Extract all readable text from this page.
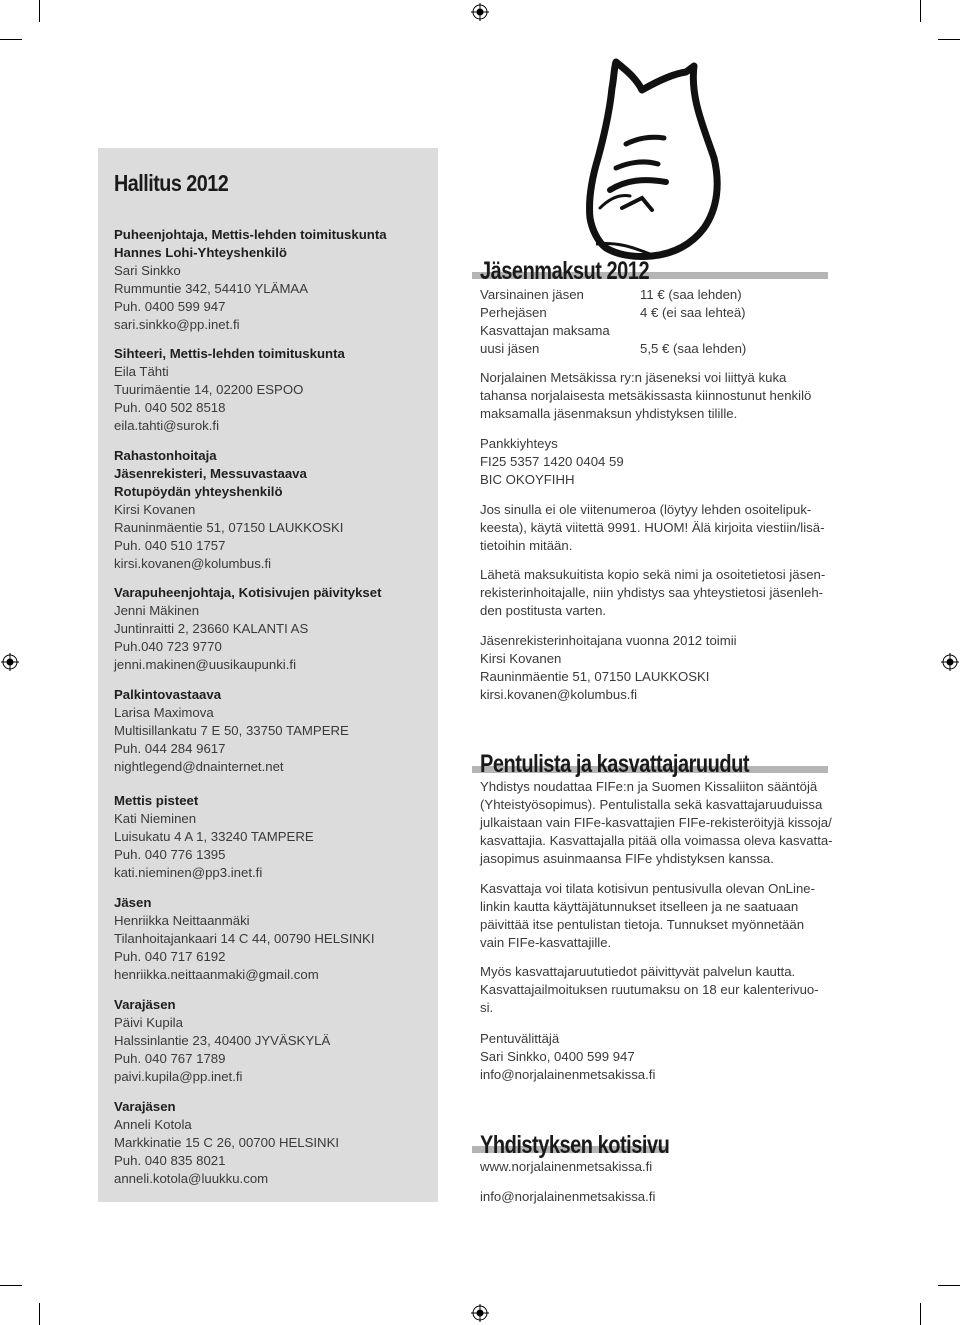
Hallitus 2012
Puheenjohtaja, Mettis-lehden toimituskunta
Hannes Lohi-Yhteyshenkilö
Sari Sinkko
Rummuntie 342, 54410 YLÄMAA
Puh. 0400 599 947
sari.sinkko@pp.inet.fi
Sihteeri, Mettis-lehden toimituskunta
Eila Tähti
Tuurimäentie 14, 02200 ESPOO
Puh. 040 502 8518
eila.tahti@surok.fi
Rahastonhoitaja
Jäsenrekisteri, Messuvastaava
Rotupöydän yhteyshenkilö
Kirsi Kovanen
Rauninmäentie 51, 07150 LAUKKOSKI
Puh. 040 510 1757
kirsi.kovanen@kolumbus.fi
Varapuheenjohtaja, Kotisivujen päivitykset
Jenni Mäkinen
Juntinraitti 2, 23660 KALANTI AS
Puh.040 723 9770
jenni.makinen@uusikaupunki.fi
Palkintovastaava
Larisa Maximova
Multisillankatu 7 E 50, 33750 TAMPERE
Puh. 044 284 9617
nightlegend@dnainternet.net
Mettis pisteet
Kati Nieminen
Luisukatu 4 A 1, 33240 TAMPERE
Puh. 040 776 1395
kati.nieminen@pp3.inet.fi
Jäsen
Henriikka Neittaanmäki
Tilanhoitajankaari 14 C 44, 00790 HELSINKI
Puh. 040 717 6192
henriikka.neittaanmaki@gmail.com
Varajäsen
Päivi Kupila
Halssinlantie 23, 40400 JYVÄSKYLÄ
Puh. 040 767 1789
paivi.kupila@pp.inet.fi
Varajäsen
Anneli Kotola
Markkinatie 15 C 26, 00700 HELSINKI
Puh. 040 835 8021
anneli.kotola@luukku.com
Jäsenmaksut 2012
Varsinainen jäsen	11 € (saa lehden)
Perhejäsen	4 € (ei saa lehteä)
Kasvattajan maksama
uusi jäsen	5,5 € (saa lehden)
Norjalainen Metsäkissa ry:n jäseneksi voi liittyä kuka
tahansa norjalaisesta metsäkissasta kiinnostunut henkilö
maksamalla jäsenmaksun yhdistyksen tilille.
Pankkiyhteys
FI25 5357 1420 0404 59
BIC OKOYFIHH
Jos sinulla ei ole viitenumeroa (löytyy lehden osoitelipuk-
keesta), käytä viitettä 9991. HUOM! Älä kirjoita viestiin/lisä-
tietoihin mitään.
Lähetä maksukuitista kopio sekä nimi ja osoitetietosi jäsen-
rekisterinhoitajalle, niin yhdistys saa yhteystietosi jäsenleh-
den postitusta varten.
Jäsenrekisterinhoitajana vuonna 2012 toimii
Kirsi Kovanen
Rauninmäentie 51, 07150 LAUKKOSKI
kirsi.kovanen@kolumbus.fi
Pentulista ja kasvattajaruudut
Yhdistys noudattaa FIFe:n ja Suomen Kissaliiton sääntöjä
(Yhteistyösopimus). Pentulistalla sekä kasvattajaruuduissa
julkaistaan vain FIFe-kasvattajien FIFe-rekisteröityjä kissoja/
kasvattajia. Kasvattajalla pitää olla voimassa oleva kasvatta-
jasopimus asuinmaansa FIFe yhdistyksen kanssa.
Kasvattaja voi tilata kotisivun pentusivulla olevan OnLine-
linkin kautta käyttäjätunnukset itselleen ja ne saatuaan
päivittää itse pentulistan tietoja. Tunnukset myönnetään
vain FIFe-kasvattajille.
Myös kasvattajaruututiedot päivittyvät palvelun kautta.
Kasvattajailmoituksen ruutumaksu on 18 eur kalenterivuo-
si.
Pentuvälittäjä
Sari Sinkko, 0400 599 947
info@norjalainenmetsakissa.fi
Yhdistyksen kotisivu
www.norjalainenmetsakissa.fi
info@norjalainenmetsakissa.fi
